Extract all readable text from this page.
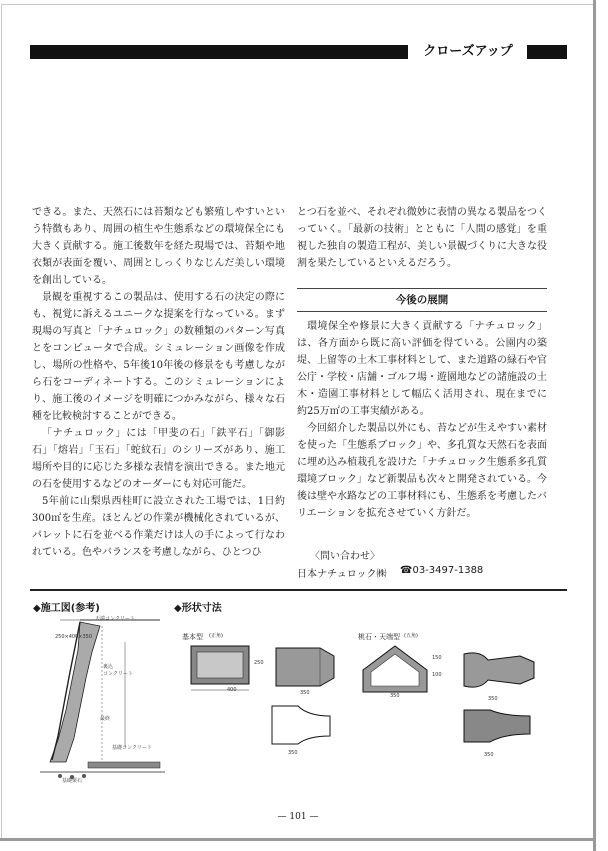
クローズアップ

できる。また、天然石には苔類なども繁殖しやすいという特徴もあり、周囲の植生や生態系などの環境保全にも大きく貢献する。施工後数年を経た現場では、苔類や地衣類が表面を覆い、周囲としっくりなじんだ美しい環境を創出している。

景観を重視するこの製品は、使用する石の決定の際にも、視覚に訴えるユニークな提案を行なっている。まず現場の写真と「ナチュロック」の数種類のパターン写真とをコンピュータで合成。シミュレーション画像を作成し、場所の性格や、5年後10年後の修景をも考慮しながら石をコーディネートする。このシミュレーションにより、施工後のイメージを明確につかみながら、様々な石種を比較検討することができる。

「ナチュロック」には「甲斐の石」「鉄平石」「御影石」「熔岩」「玉石」「蛇紋石」のシリーズがあり、施工場所や目的に応じた多様な表情を演出できる。また地元の石を使用するなどのオーダーにも対応可能だ。

5年前に山梨県西桂町に設立された工場では、1日約300㎡を生産。ほとんどの作業が機械化されているが、パレットに石を並べる作業だけは人の手によって行なわれている。色やバランスを考慮しながら、ひとつひ

とつ石を並べ、それぞれ微妙に表情の異なる製品をつくっていく。「最新の技術」とともに「人間の感覚」を重視した独自の製造工程が、美しい景観づくりに大きな役割を果たしているといえるだろう。

今後の展開

環境保全や修景に大きく貢献する「ナチュロック」は、各方面から既に高い評価を得ている。公園内の築堤、上留等の土木工事材料として、また道路の緑石や官公庁・学校・店舗・ゴルフ場・遊園地などの諸施設の土木・造園工事材料として幅広く活用され、現在までに約25万㎡の工事実績がある。

今回紹介した製品以外にも、苔などが生えやすい素材を使った「生態系ブロック」や、多孔質な天然石を表面に埋め込み植栽孔を設けた「ナチュロック生態系多孔質環境ブロック」など新製品も次々と開発されている。今後は壁や水路などの工事材料にも、生態系を考慮したバリエーションを拡充させていく方針だ。

〈問い合わせ〉
日本ナチュロック㈱ ☎03-3497-1388
◆施工図(参考)
天端コンクリート
250×400×350
裏込
コンクリート
基礎コンクリート
最終
基礎栗石
◆形状寸法
基本型 (正角)	桃石・天端型 (五角)
400
250
350
350
350
150
100
350
350
— 101 —
